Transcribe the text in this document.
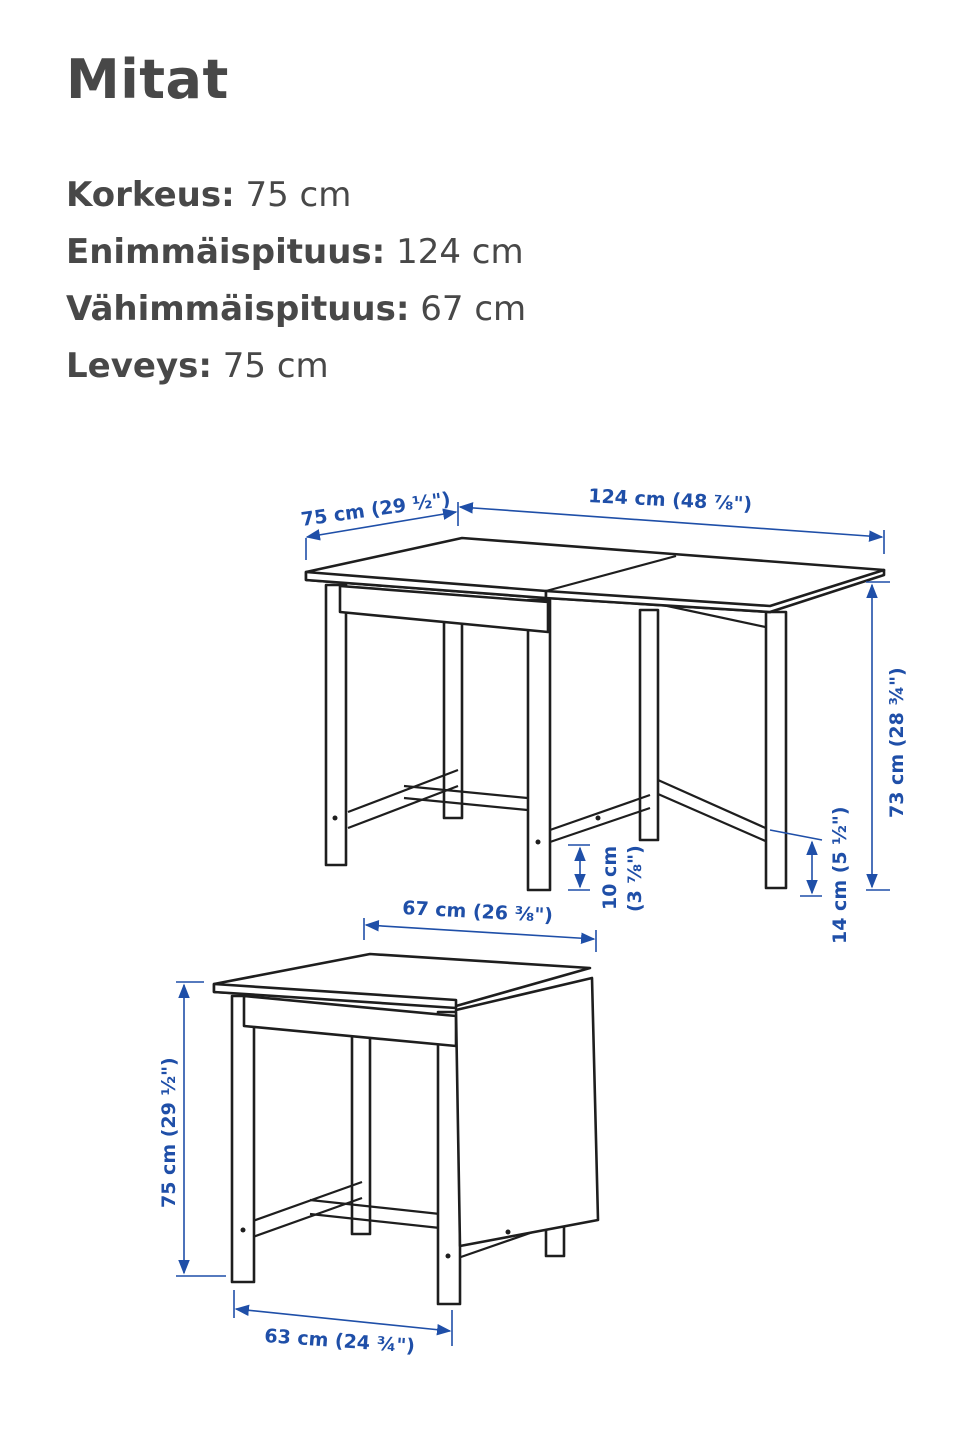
Mitat
Korkeus: 75 cm
Enimmäispituus: 124 cm
Vähimmäispituus: 67 cm
Leveys: 75 cm
75 cm (29 ½")	124 cm (48 ⅞")
73 cm (28 ¾")
10 cm (3 ⅞")	14 cm (5 ½")
67 cm (26 ⅜")
75 cm (29 ½")
63 cm (24 ¾")
